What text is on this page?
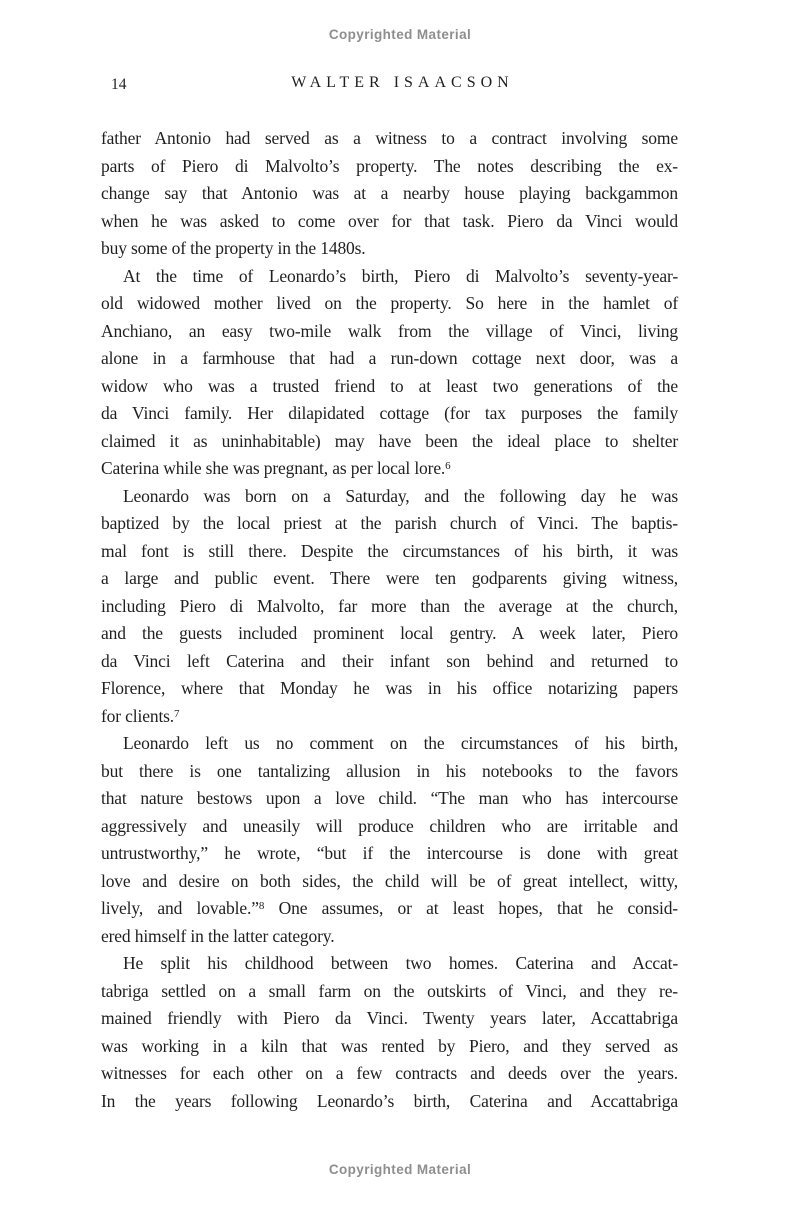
Copyrighted Material
14	WALTER ISAACSON
father Antonio had served as a witness to a contract involving some
parts of Piero di Malvolto’s property. The notes describing the ex-
change say that Antonio was at a nearby house playing backgammon
when he was asked to come over for that task. Piero da Vinci would
buy some of the property in the 1480s.
At the time of Leonardo’s birth, Piero di Malvolto’s seventy-year-
old widowed mother lived on the property. So here in the hamlet of
Anchiano, an easy two-mile walk from the village of Vinci, living
alone in a farmhouse that had a run-down cottage next door, was a
widow who was a trusted friend to at least two generations of the
da Vinci family. Her dilapidated cottage (for tax purposes the family
claimed it as uninhabitable) may have been the ideal place to shelter
Caterina while she was pregnant, as per local lore.$^6$
Leonardo was born on a Saturday, and the following day he was
baptized by the local priest at the parish church of Vinci. The baptis-
mal font is still there. Despite the circumstances of his birth, it was
a large and public event. There were ten godparents giving witness,
including Piero di Malvolto, far more than the average at the church,
and the guests included prominent local gentry. A week later, Piero
da Vinci left Caterina and their infant son behind and returned to
Florence, where that Monday he was in his office notarizing papers
for clients.$^7$
Leonardo left us no comment on the circumstances of his birth,
but there is one tantalizing allusion in his notebooks to the favors
that nature bestows upon a love child. “The man who has intercourse
aggressively and uneasily will produce children who are irritable and
untrustworthy,” he wrote, “but if the intercourse is done with great
love and desire on both sides, the child will be of great intellect, witty,
lively, and lovable.”$^8$ One assumes, or at least hopes, that he consid-
ered himself in the latter category.
He split his childhood between two homes. Caterina and Accat-
tabriga settled on a small farm on the outskirts of Vinci, and they re-
mained friendly with Piero da Vinci. Twenty years later, Accattabriga
was working in a kiln that was rented by Piero, and they served as
witnesses for each other on a few contracts and deeds over the years.
In the years following Leonardo’s birth, Caterina and Accattabriga
Copyrighted Material
